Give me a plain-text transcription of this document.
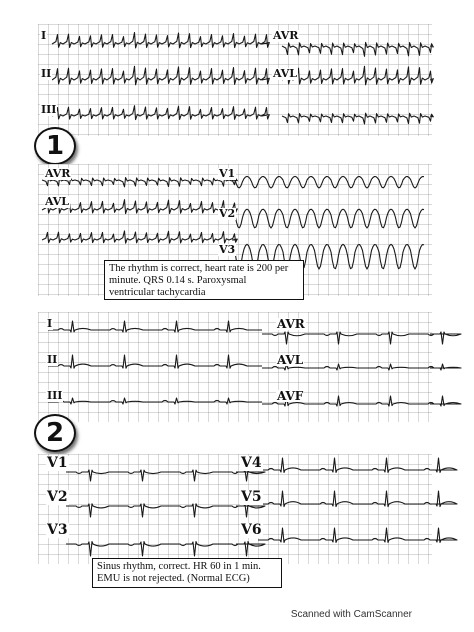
I
II
III
AVR
AVL
1
AVR
AVL
V1
V2
V3
The rhythm is correct, heart rate is 200 per
minute. QRS 0.14 s. Paroxysmal
ventricular tachycardia
I
II
III
AVR
AVL
AVF
2
V1
V2
V3
V4
V5
V6
Sinus rhythm, correct. HR 60 in 1 min.
EMU is not rejected. (Normal ECG)
Scanned with CamScanner
